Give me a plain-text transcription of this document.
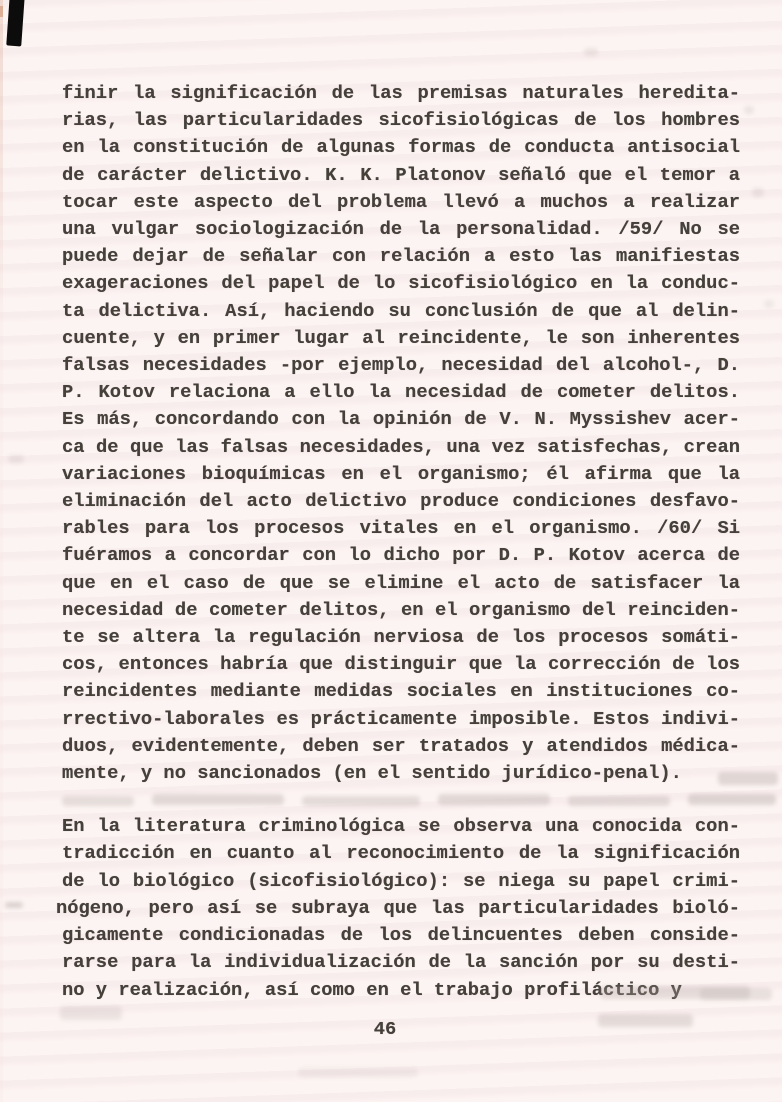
finir la significación de las premisas naturales heredita-
rias, las particularidades sicofisiológicas de los hombres
en la constitución de algunas formas de conducta antisocial
de carácter delictivo. K. K. Platonov señaló que el temor a
tocar este aspecto del problema llevó a muchos a realizar
una vulgar sociologización de la personalidad. /59/ No se
puede dejar de señalar con relación a esto las manifiestas
exageraciones del papel de lo sicofisiológico en la conduc-
ta delictiva. Así, haciendo su conclusión de que al delin-
cuente, y en primer lugar al reincidente, le son inherentes
falsas necesidades -por ejemplo, necesidad del alcohol-, D.
P. Kotov relaciona a ello la necesidad de cometer delitos.
Es más, concordando con la opinión de V. N. Myssishev acer-
ca de que las falsas necesidades, una vez satisfechas, crean
variaciones bioquímicas en el organismo; él afirma que la
eliminación del acto delictivo produce condiciones desfavo-
rables para los procesos vitales en el organismo. /60/ Si
fuéramos a concordar con lo dicho por D. P. Kotov acerca de
que en el caso de que se elimine el acto de satisfacer la
necesidad de cometer delitos, en el organismo del reinciden-
te se altera la regulación nerviosa de los procesos somáti-
cos, entonces habría que distinguir que la corrección de los
reincidentes mediante medidas sociales en instituciones co-
rrectivo-laborales es prácticamente imposible. Estos indivi-
duos, evidentemente, deben ser tratados y atendidos médica-
mente, y no sancionados (en el sentido jurídico-penal).

En la literatura criminológica se observa una conocida con-
tradicción en cuanto al reconocimiento de la significación
de lo biológico (sicofisiológico): se niega su papel crimi-
nógeno, pero así se subraya que las particularidades bioló-
gicamente condicionadas de los delincuentes deben conside-
rarse para la individualización de la sanción por su desti-
no y realización, así como en el trabajo profiláctico y

46
